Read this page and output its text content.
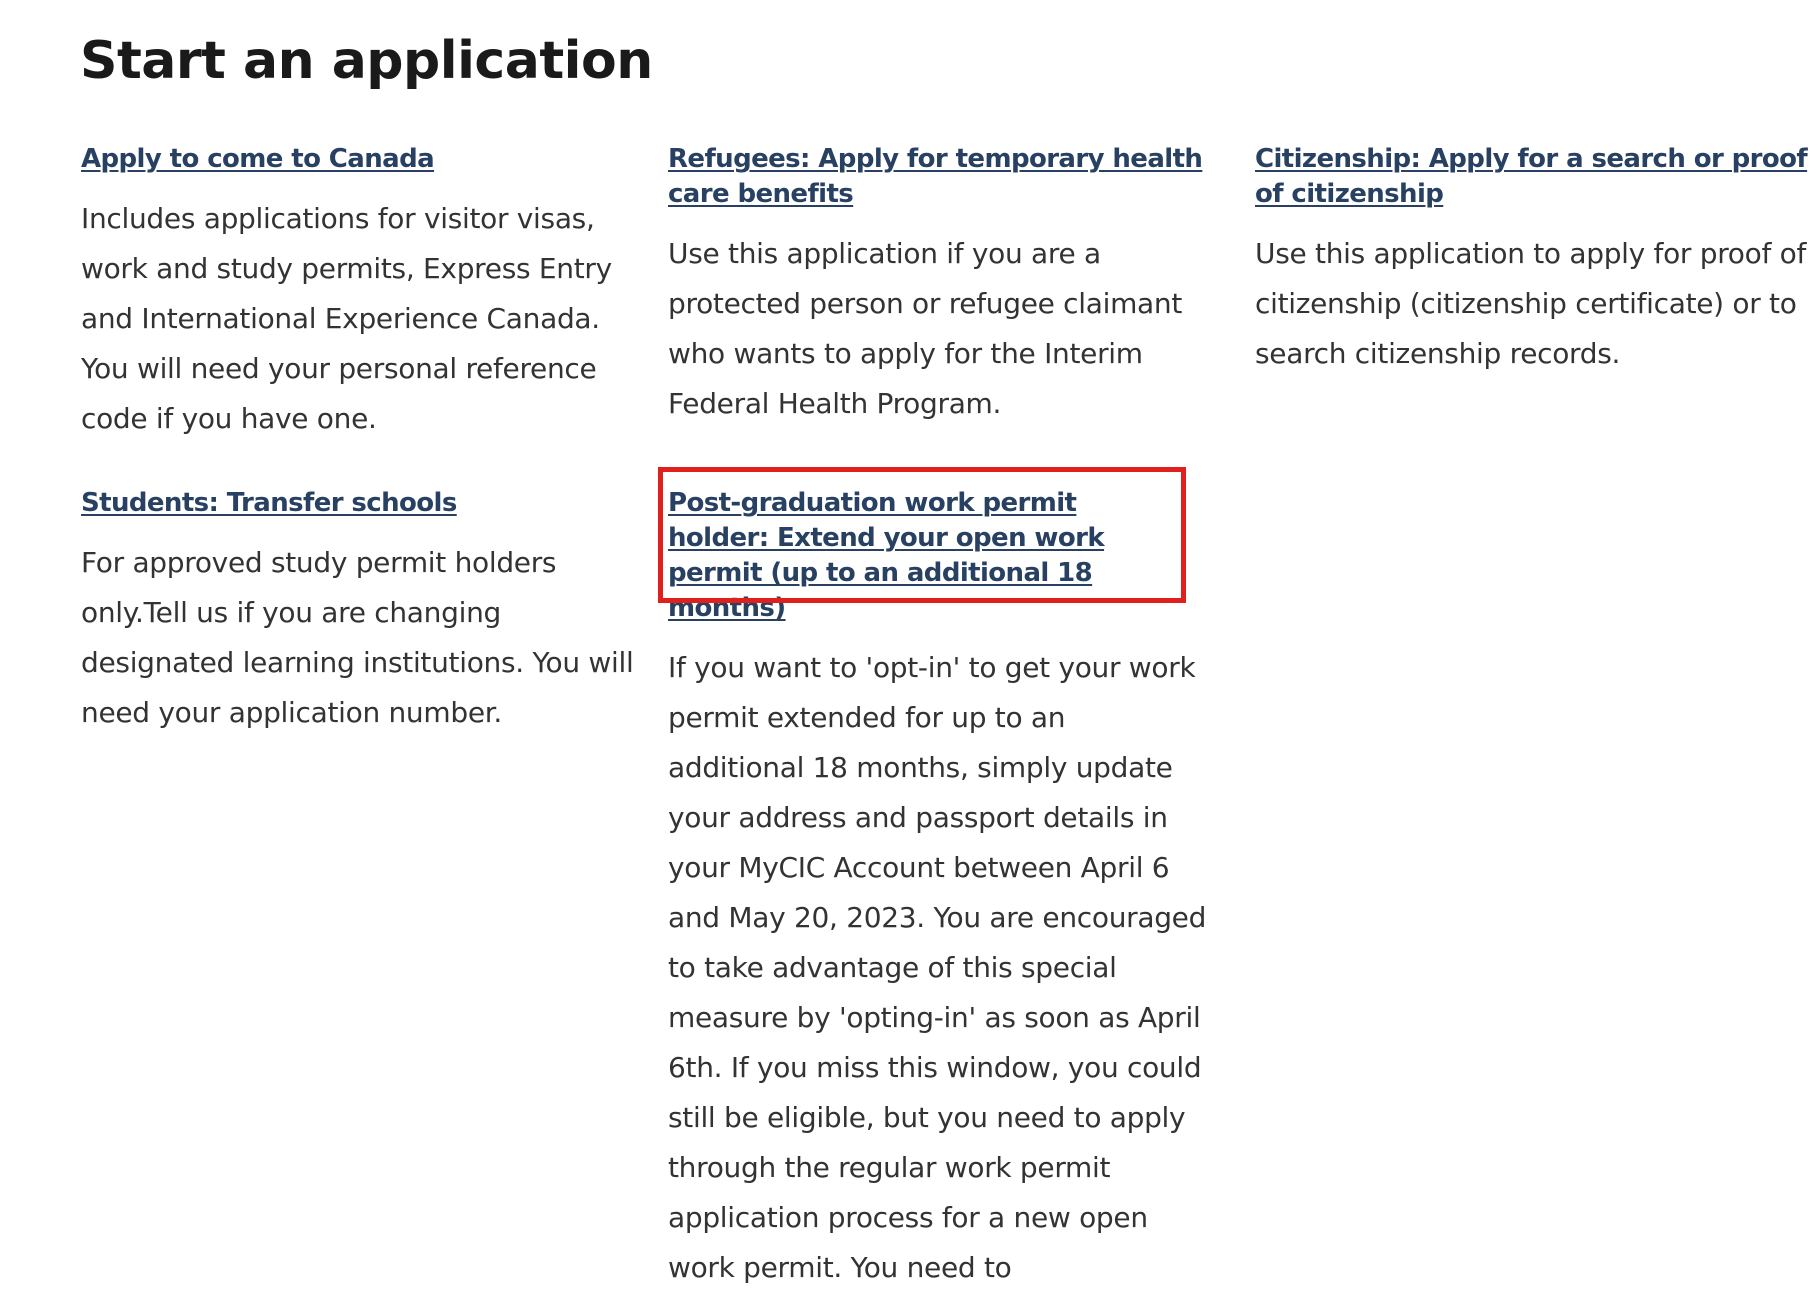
Start an application
Apply to come to Canada

Includes applications for visitor visas, work and study permits, Express Entry and International Experience Canada. You will need your personal reference code if you have one.

Refugees: Apply for temporary health care benefits

Use this application if you are a protected person or refugee claimant who wants to apply for the Interim Federal Health Program.

Citizenship: Apply for a search or proof of citizenship

Use this application to apply for proof of citizenship (citizenship certificate) or to search citizenship records.

Students: Transfer schools

For approved study permit holders only.Tell us if you are changing designated learning institutions. You will need your application number.

Post-graduation work permit holder: Extend your open work permit (up to an additional 18 months)

If you want to 'opt-in' to get your work permit extended for up to an additional 18 months, simply update your address and passport details in your MyCIC Account between April 6 and May 20, 2023. You are encouraged to take advantage of this special measure by 'opting-in' as soon as April 6th. If you miss this window, you could still be eligible, but you need to apply through the regular work permit application process for a new open work permit. You need to
